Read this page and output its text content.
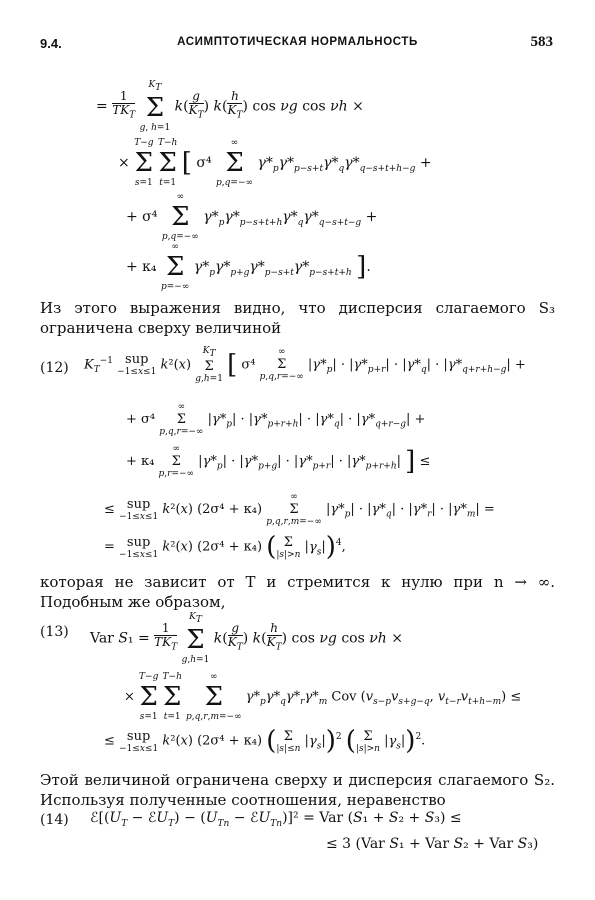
9.4.	АСИМПТОТИЧЕСКАЯ НОРМАЛЬНОСТЬ	583
= $\frac{1}{TK_T}$

$K_T$
Σ
g, h=1
$k( \frac{g}{K_T}$ ) $k( \frac{h}{K_T}$ ) cos νg cos νh ×
×
T−g
Σ
s=1

T−h
Σ
t=1
[ σ⁴
∞
Σ
p,q=−∞
$\gamma*_p\gamma*_{p-s+t}\gamma*_q\gamma*_{q-s+t+h-g}$ +
+ σ⁴
∞
Σ
p,q=−∞
$\gamma*_p\gamma*_{p-s+t+h}\gamma*_q\gamma*_{q-s+t-g}$ +
+ κ₄
∞
Σ
p=−∞
$\gamma*_p\gamma*_{p+g}\gamma*_{p-s+t}\gamma*_{p-s+t+h}$ ].
Из этого выражения видно, что дисперсия слагаемого S₃ ограничена сверху величиной
(12) $K_T^{-1}$ sup
−1≤x≤1 k²(x)
$K_T$
Σ
g,h=1 [ σ⁴
∞
Σ
p,q,r=−∞
$|\gamma*_p| \cdot |\gamma*_{p+r}| \cdot |\gamma*_q| \cdot |\gamma*_{q+r+h-g}|$ +
+ σ⁴
∞
Σ
p,q,r=−∞
$|\gamma*_p| \cdot |\gamma*_{p+r+h}| \cdot |\gamma*_q| \cdot |\gamma*_{q+r-g}|$ +
+ κ₄
∞
Σ
p,r=−∞
$|\gamma*_p| \cdot |\gamma*_{p+g}| \cdot |\gamma*_{p+r}| \cdot |\gamma*_{p+r+h}|$ ] ≤
≤ sup
−1≤x≤1 k²(x) (2σ⁴ + κ₄)
∞
Σ
p,q,r,m=−∞
$|\gamma*_p| \cdot |\gamma*_q| \cdot |\gamma*_r| \cdot |\gamma*_m|$ =
= sup
−1≤x≤1 k²(x) (2σ⁴ + κ₄) ( Σ
|s|>n $|\gamma_s|)^4$,
которая не зависит от T и стремится к нулю при n → ∞. Подобным же образом,
(13) Var $S_1 = \frac{1}{TK_T}$

$K_T$
Σ
g,h=1
$k( \frac{g}{K_T}$ ) $k( \frac{h}{K_T}$ ) cos νg cos νh ×
×
T−g
Σ
s=1

T−h
Σ
t=1

∞
Σ
p,q,r,m=−∞
$\gamma*_p\gamma*_q\gamma*_r\gamma*_m$ Cov ($v_{s-p}v_{s+g-q}$, $v_{t-r}v_{t+h-m}$) ≤
≤ sup
−1≤x≤1 k²(x) (2σ⁴ + κ₄) ( Σ
|s|≤n $|\gamma_s|)^2$ ( Σ
|s|>n $|\gamma_s|)^2$.
Этой величиной ограничена сверху и дисперсия слагаемого S₂. Используя полученные соотношения, неравенство
(14) $ℰ[(U_T$ − ℰU$_T$) − ($U_{Tn}$ − ℰU$_{Tn}$)]² = Var (S₁ + S₂ + S₃) ≤
≤ 3 (Var S₁ + Var S₂ + Var S₃)
